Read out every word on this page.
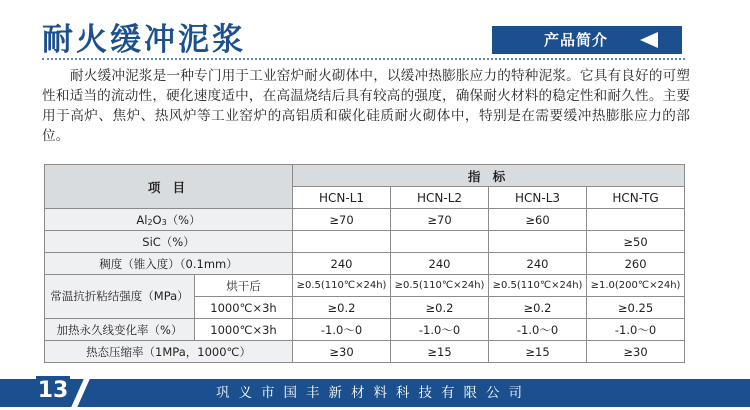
耐火缓冲泥浆	产品简介

耐火缓冲泥浆是一种专门用于工业窑炉耐火砌体中，以缓冲热膨胀应力的特种泥浆。它具有良好的可塑性和适当的流动性，硬化速度适中，在高温烧结后具有较高的强度，确保耐火材料的稳定性和耐久性。主要用于高炉、焦炉、热风炉等工业窑炉的高铝质和碳化硅质耐火砌体中，特别是在需要缓冲热膨胀应力的部位。

项 目		指 标			
		HCN-L1	HCN-L2	HCN-L3	HCN-TG
$Al_2O_3(\%)$		≥70	≥70	≥60	
SiC（%）					≥50
稠度（锥入度）（0.1mm）		240	240	240	260
常温抗折粘结强度（MPa）	烘干后	≥0.5(110℃×24h)	≥0.5(110℃×24h)	≥0.5(110℃×24h)	≥1.0(200℃×24h)
	1000℃×3h	≥0.2	≥0.2	≥0.2	≥0.25
加热永久线变化率（%）	1000℃×3h	-1.0～0	-1.0～0	-1.0～0	-1.0～0
热态压缩率（1MPa，1000℃）		≥30	≥15	≥15	≥30
13	巩义市国丰新材料科技有限公司
